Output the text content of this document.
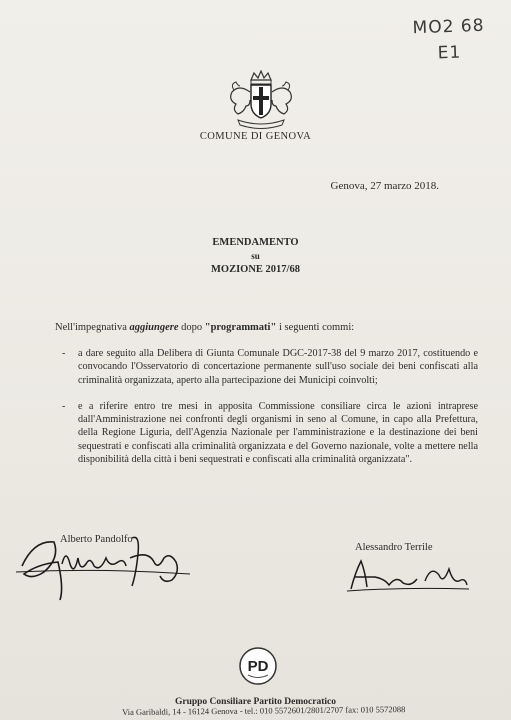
MO2 68
E1
COMUNE DI GENOVA
Genova, 27 marzo 2018.
EMENDAMENTO
su
MOZIONE 2017/68
Nell'impegnativa aggiungere dopo "programmati" i seguenti commi:
- a dare seguito alla Delibera di Giunta Comunale DGC-2017-38 del 9 marzo 2017, costituendo e convocando l'Osservatorio di concertazione permanente sull'uso sociale dei beni confiscati alla criminalità organizzata, aperto alla partecipazione dei Municipi coinvolti;
- e a riferire entro tre mesi in apposita Commissione consiliare circa le azioni intraprese dall'Amministrazione nei confronti degli organismi in seno al Comune, in capo alla Prefettura, della Regione Liguria, dell'Agenzia Nazionale per l'amministrazione e la destinazione dei beni sequestrati e confiscati alla criminalità organizzata e del Governo nazionale, volte a mettere nella disponibilità della città i beni sequestrati e confiscati alla criminalità organizzata".
Alberto Pandolfo
Alessandro Terrile
PD
Gruppo Consiliare Partito Democratico
Via Garibaldi, 14 - 16124 Genova - tel.: 010 5572601/2801/2707 fax: 010 5572088
